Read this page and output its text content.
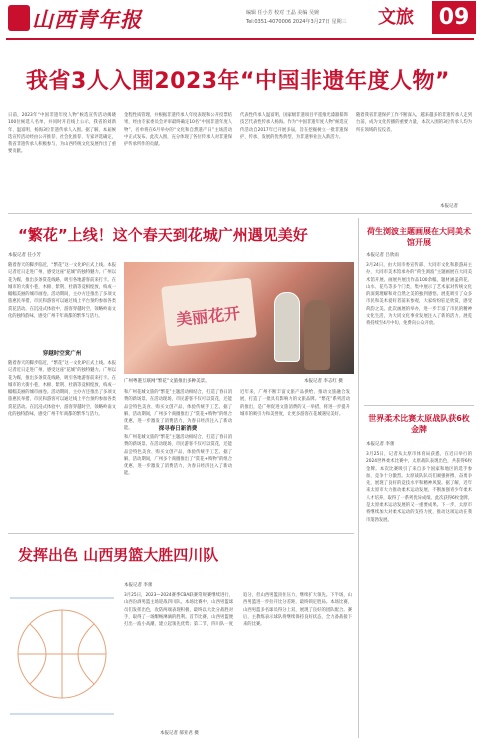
山西青年报	编辑 任小芳 校对 王晶 美编 吴婉
Tel:0351-4070006 2024年3月27日 星期三 文旅	09
我省3人入围2023年“中国非遗年度人物”
日前，2023年“中国非遗年度人物”候选宣传活动揭晓100位候选人名单，并同时开启线上公示，我省的刘新年、温富明、杨海3位非遗传承人入围。据了解，本届候选宣传活动经由公开推荐、社会化推荐、专家评选确定，我省非遗传承人积极参与，为山西传统文化发展作出了重要贡献。
金程性质管理，并根据非遗传承人年度表现和公开投票结果，经由专家委员会评审最终确定10名“中国非遗年度人物”，名单将在6月举办的“文化和自然遗产日”主场活动中正式发布。此次入围，充分体现了各位传承人对非遗保护传承所作的贡献。
代表性传承人温富明，国家级非遗项目平遥推光漆器髹饰技艺代表性传承人杨海。作为“中国非遗年度人物”候选宣传活动自2017年已开展多届，旨在挖掘树立一批非遗保护、传承、发展的优秀典型，为非遗事业注入新活力。
随着我省非遗保护工作不断深入，越来越多的非遗传承人走到台前，成为文化传播的重要力量，本次入围的3位传承人均为所在领域的佼佼者。
本报记者
“繁花”上线！这个春天到花城广州遇见美好
本报记者 任小芳
随着春天的脚步临近，“繁花”这一文化IP正式上线。本报记者近日走进广州，感受这座“花城”的独特魅力。广州以花为媒，推出多条赏花线路，吸引各地游客前来打卡。在城市的大街小巷，木棉、紫荆、杜鹃等竞相绽放，构成一幅幅美丽的城市画卷。活动期间，主办方还推出了多项文旅惠民举措，市民和游客可以通过线上平台预约参加各类赏花活动。在沉浸式体验中，游客穿越时空，领略岭南文化的独特韵味，感受广州千年商都的繁华与活力。
穿越时空赏广州
随着春天的脚步临近，“繁花”这一文化IP正式上线。本报记者近日走进广州，感受这座“花城”的独特魅力。广州以花为媒，推出多条赏花线路，吸引各地游客前来打卡。在城市的大街小巷，木棉、紫荆、杜鹃等竞相绽放，构成一幅幅美丽的城市画卷。活动期间，主办方还推出了多项文旅惠民举措，市民和游客可以通过线上平台预约参加各类赏花活动。在沉浸式体验中，游客穿越时空，领略岭南文化的独特韵味，感受广州千年商都的繁华与活力。
美丽花开
广州粤港互联网“繁花”文旅推出多种美景。	本报记者 李志红 摄
和广州花城文旅的“繁花”主题活动相结合，打造了春日消费的新场景。在活动现场，市民游客不仅可以赏花，还能品尝特色美食、购买文创产品，体验传统手工艺。据了解，活动期间，广州多个商圈推出了“赏花+购物”的组合优惠，进一步激发了消费活力，为春日经济注入了新动能。	探寻春日新消费
和广州花城文旅的“繁花”主题活动相结合，打造了春日消费的新场景。在活动现场，市民游客不仅可以赏花，还能品尝特色美食、购买文创产品，体验传统手工艺。据了解，活动期间，广州多个商圈推出了“赏花+购物”的组合优惠，进一步激发了消费活力，为春日经济注入了新动能。
近年来，广州不断丰富文旅产品供给，推动文旅融合发展，打造了一批具有影响力的文旅品牌。“繁花”系列活动的推出，是广州促进文旅消费的又一举措，将进一步提升城市的吸引力和美誉度，让更多游客在花城遇见美好。
荷生浏波主题画展在大同美术馆开展
本报记者 吕欣雨
3月24日，由大同市委宣传部、大同市文化和旅游局主办，大同市美术馆承办的“荷生浏波”主题画展在大同美术馆开展。画展共展出作品100余幅，题材涵盖荷花、山水、花鸟等多个门类，集中展示了艺术家对传统文化的深刻理解和对自然之美的独到感悟。展览吸引了众多市民和美术爱好者前来参观，大家纷纷驻足欣赏，感受荷韵之美。此次画展的举办，进一步丰富了市民的精神文化生活，为大同文化事业发展注入了新的活力。展览将持续至4月中旬，免费向公众开放。
世界柔术比赛太原战队获6枚金牌
本报记者 李蕾
3月25日，记者从太原市体育局获悉，在近日举行的2024世界柔术比赛中，太原战队表现出色，共获得6枚金牌。本次比赛吸引了来自多个国家和地区的选手参加，竞争十分激烈。太原战队队员们顽强拼搏、奋勇争先，展现了良好的竞技水平和精神风貌。据了解，近年来太原市大力推动柔术运动发展，不断加强青少年柔术人才培养，取得了一系列优异成绩。此次获得6枚金牌，是太原柔术运动发展的又一重要成果。下一步，太原市将继续加大对柔术运动的支持力度，推动这项运动在我市蓬勃发展。
发挥出色 山西男篮大胜四川队
本报记者 李蕾
3月25日，2023—2024赛季CBA联赛常规赛继续进行，山西汾酒男篮主场迎战四川队。本场比赛中，山西男篮球员们发挥出色，攻防两端表现积极，最终以大比分战胜对手，取得了一场酣畅淋漓的胜利。首节比赛，山西男篮便打出一波小高潮，建立起领先优势；第二节，四川队一度追分，但山西男篮顶住压力，继续扩大领先。下半场，山西男篮进一步拉开比分差距，最终锁定胜局。本场比赛，山西男篮多名球员得分上双，展现了良好的团队配合。赛后，主教练表示球队将继续保持良好状态，全力备战接下来的比赛。
本报记者 郝亚君 摄
